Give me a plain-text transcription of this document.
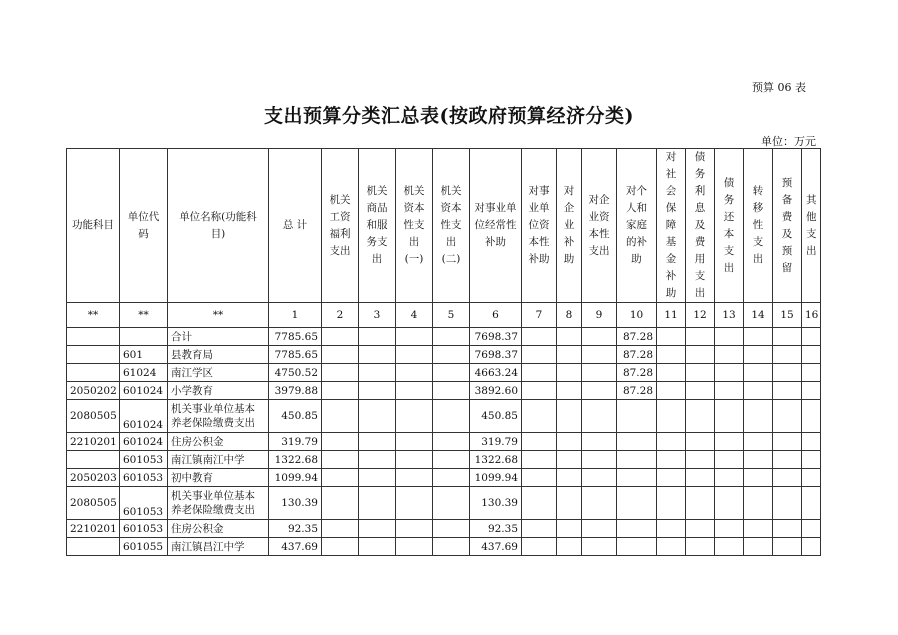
预算 06 表
支出预算分类汇总表(按政府预算经济分类)
单位：万元
功能科目	单位代码	单位名称(功能科目)	总 计	机关工资福利支出	机关商品和服务支出	机关资本性支出(一)	机关资本性支出(二)	对事业单位经常性补助	对事业单位资本性补助	对企业补助	对企业资本性支出	对个人和家庭的补助	对社会保障基金补助	债务利息及费用支出	债务还本支出	转移性支出	预备费及预留	其他支出
**	**	**	1	2	3	4	5	6	7	8	9	10	11	12	13	14	15	16
		合计	7785.65					7698.37				87.28						
	601	县教育局	7785.65					7698.37				87.28						
	61024	南江学区	4750.52					4663.24				87.28						
2050202	601024	小学教育	3979.88					3892.60				87.28						
2080505	601024	机关事业单位基本养老保险缴费支出	450.85					450.85										
2210201	601024	住房公积金	319.79					319.79										
	601053	南江镇南江中学	1322.68					1322.68										
2050203	601053	初中教育	1099.94					1099.94										
2080505	601053	机关事业单位基本养老保险缴费支出	130.39					130.39										
2210201	601053	住房公积金	92.35					92.35										
	601055	南江镇昌江中学	437.69					437.69										
